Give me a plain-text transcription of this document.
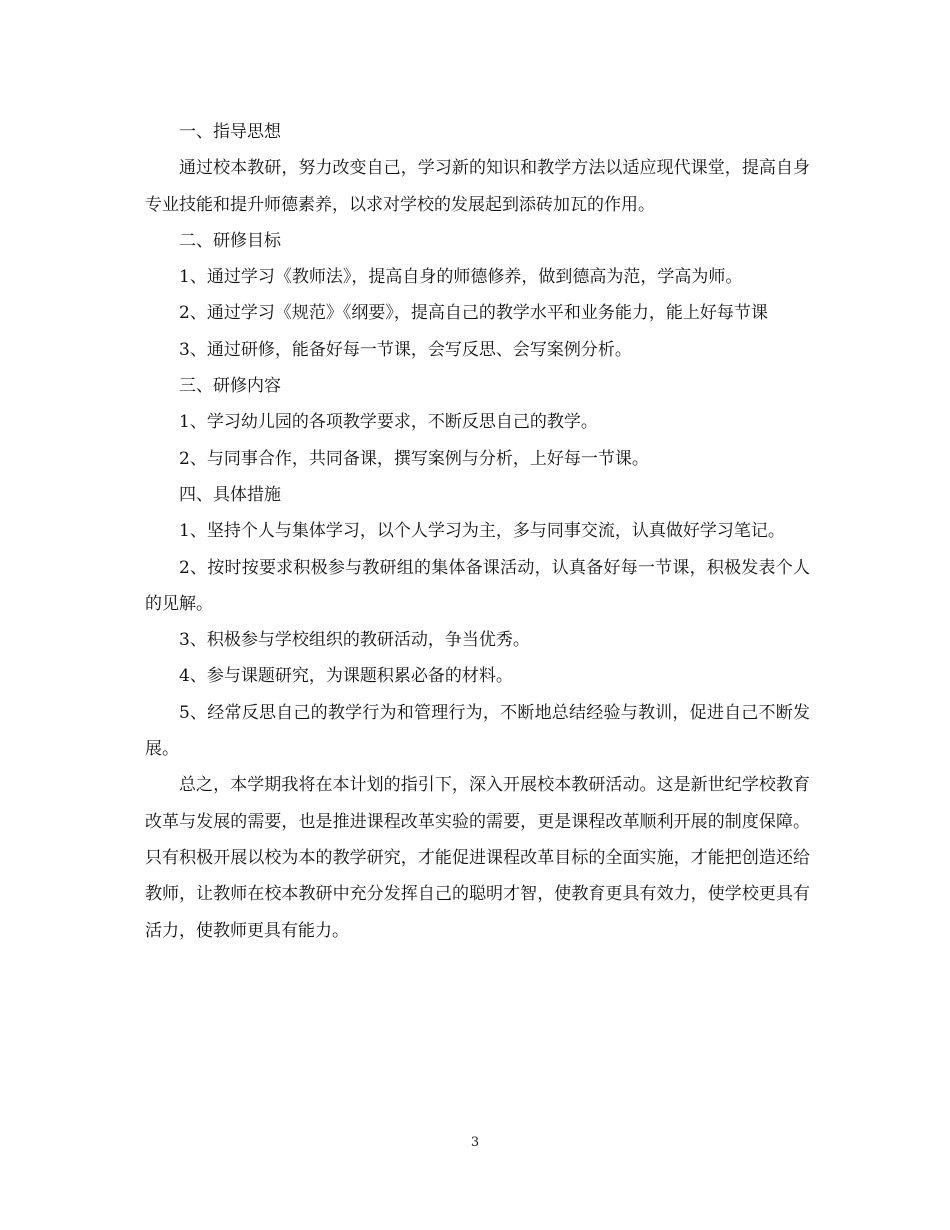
一、指导思想

通过校本教研，努力改变自己，学习新的知识和教学方法以适应现代课堂，提高自身专业技能和提升师德素养，以求对学校的发展起到添砖加瓦的作用。

二、研修目标

1、通过学习《教师法》，提高自身的师德修养，做到德高为范，学高为师。

2、通过学习《规范》《纲要》，提高自己的教学水平和业务能力，能上好每节课

3、通过研修，能备好每一节课，会写反思、会写案例分析。

三、研修内容

1、学习幼儿园的各项教学要求，不断反思自己的教学。

2、与同事合作，共同备课，撰写案例与分析，上好每一节课。

四、具体措施

1、坚持个人与集体学习，以个人学习为主，多与同事交流，认真做好学习笔记。

2、按时按要求积极参与教研组的集体备课活动，认真备好每一节课，积极发表个人的见解。

3、积极参与学校组织的教研活动，争当优秀。

4、参与课题研究，为课题积累必备的材料。

5、经常反思自己的教学行为和管理行为，不断地总结经验与教训，促进自己不断发展。

总之，本学期我将在本计划的指引下，深入开展校本教研活动。这是新世纪学校教育改革与发展的需要，也是推进课程改革实验的需要，更是课程改革顺利开展的制度保障。只有积极开展以校为本的教学研究，才能促进课程改革目标的全面实施，才能把创造还给教师，让教师在校本教研中充分发挥自己的聪明才智，使教育更具有效力，使学校更具有活力，使教师更具有能力。

3
